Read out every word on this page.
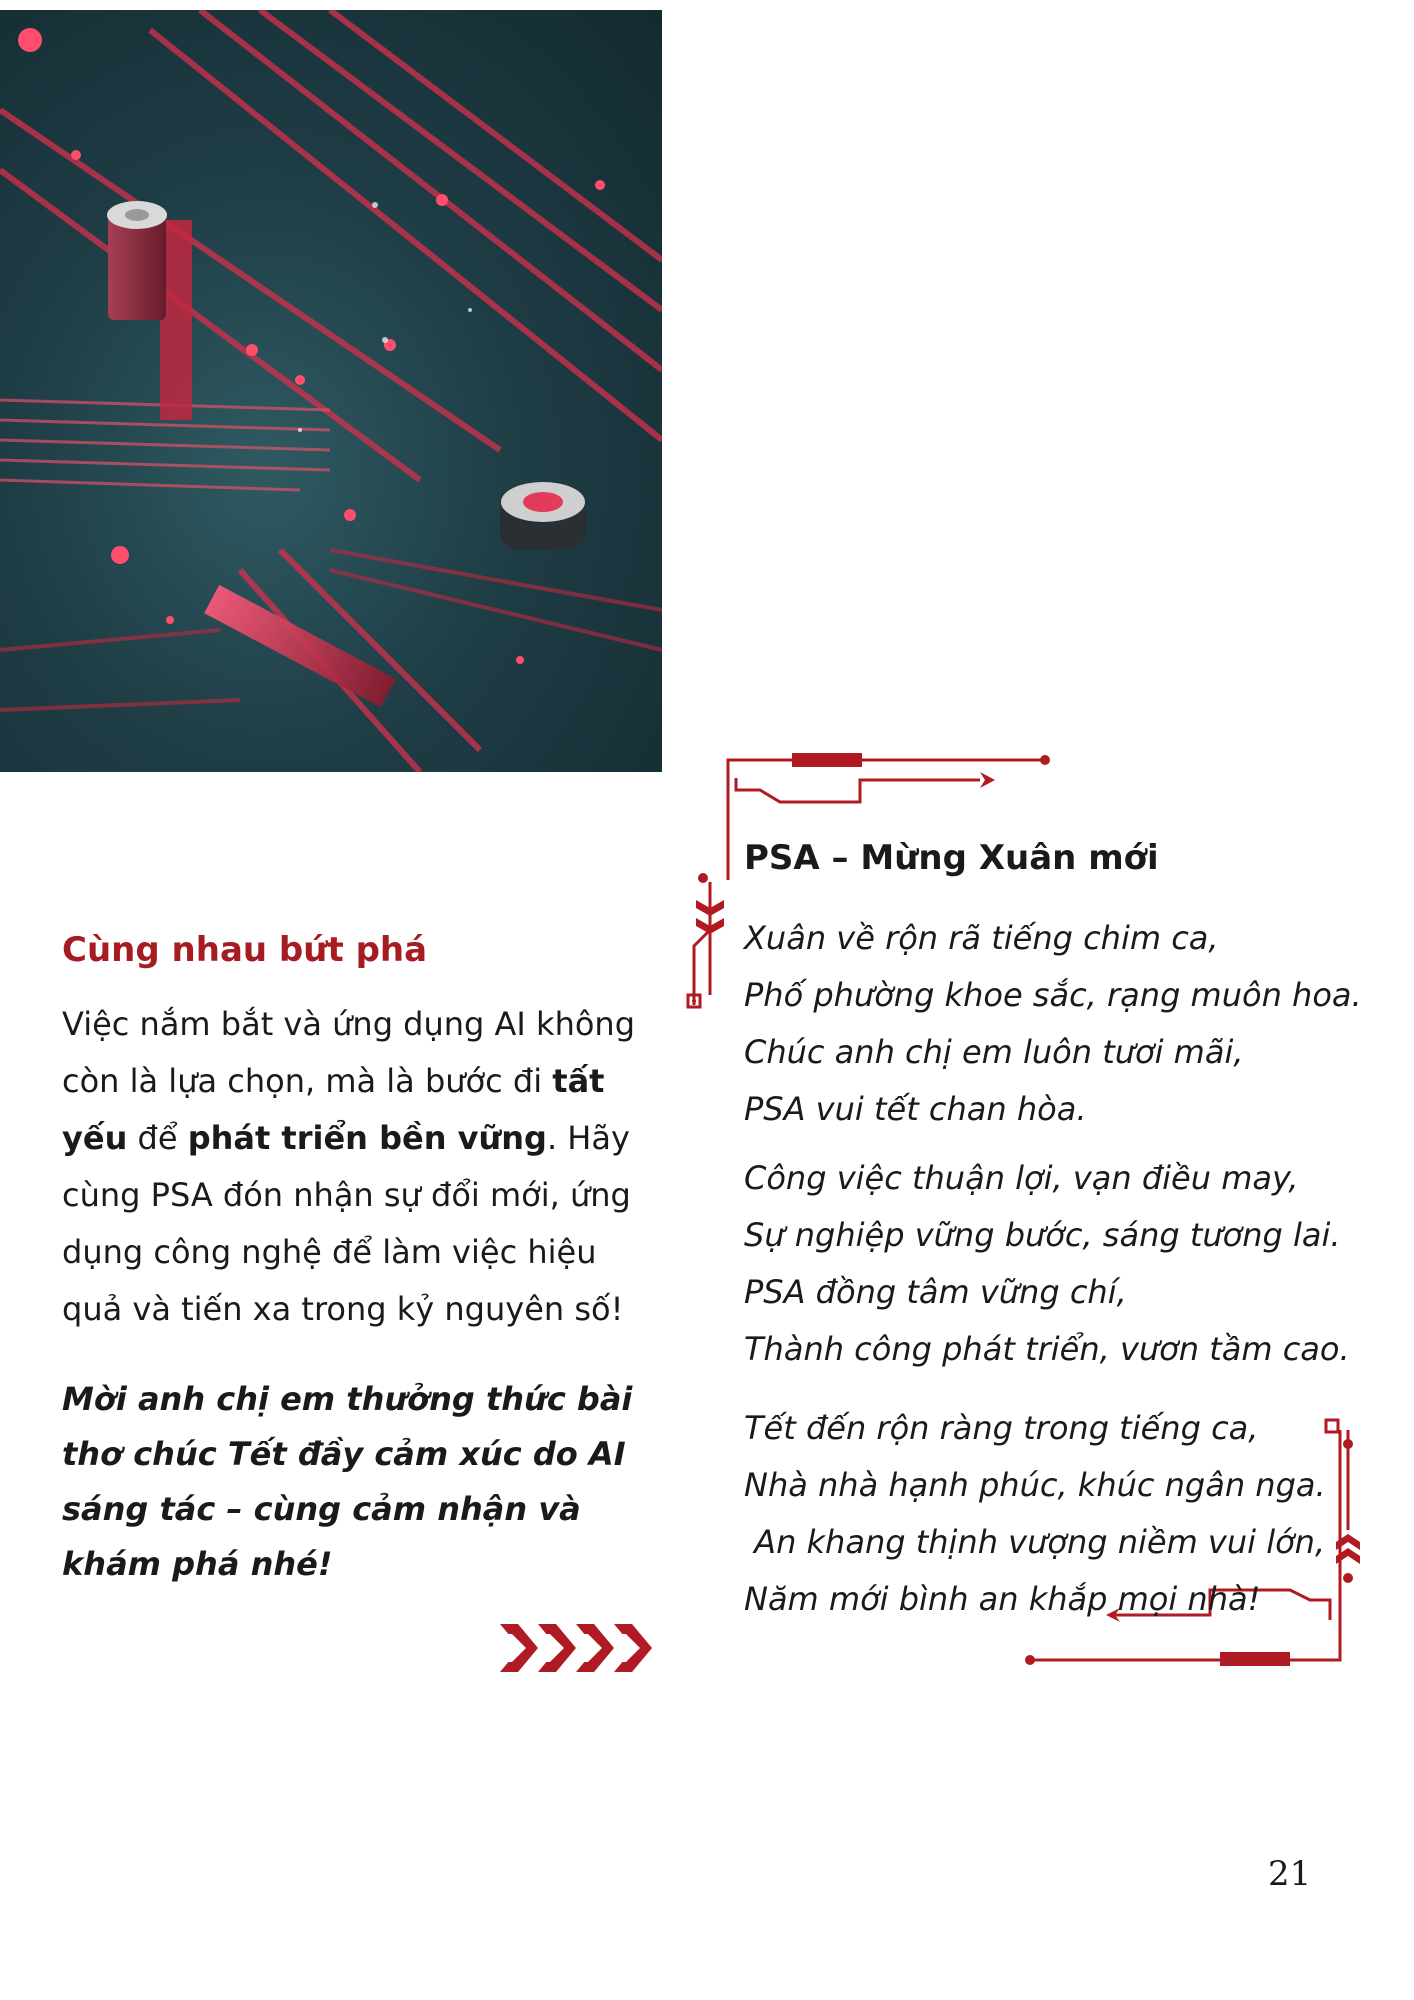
Cùng nhau bứt phá

Việc nắm bắt và ứng dụng AI không còn là lựa chọn, mà là bước đi tất yếu để phát triển bền vững. Hãy cùng PSA đón nhận sự đổi mới, ứng dụng công nghệ để làm việc hiệu quả và tiến xa trong kỷ nguyên số!

Mời anh chị em thưởng thức bài thơ chúc Tết đầy cảm xúc do AI sáng tác – cùng cảm nhận và khám phá nhé!

PSA – Mừng Xuân mới

Xuân về rộn rã tiếng chim ca,

Phố phường khoe sắc, rạng muôn hoa.

Chúc anh chị em luôn tươi mãi,

PSA vui tết chan hòa.

Công việc thuận lợi, vạn điều may,

Sự nghiệp vững bước, sáng tương lai.

PSA đồng tâm vững chí,

Thành công phát triển, vươn tầm cao.

Tết đến rộn ràng trong tiếng ca,

Nhà nhà hạnh phúc, khúc ngân nga.

An khang thịnh vượng niềm vui lớn,

Năm mới bình an khắp mọi nhà!

21
